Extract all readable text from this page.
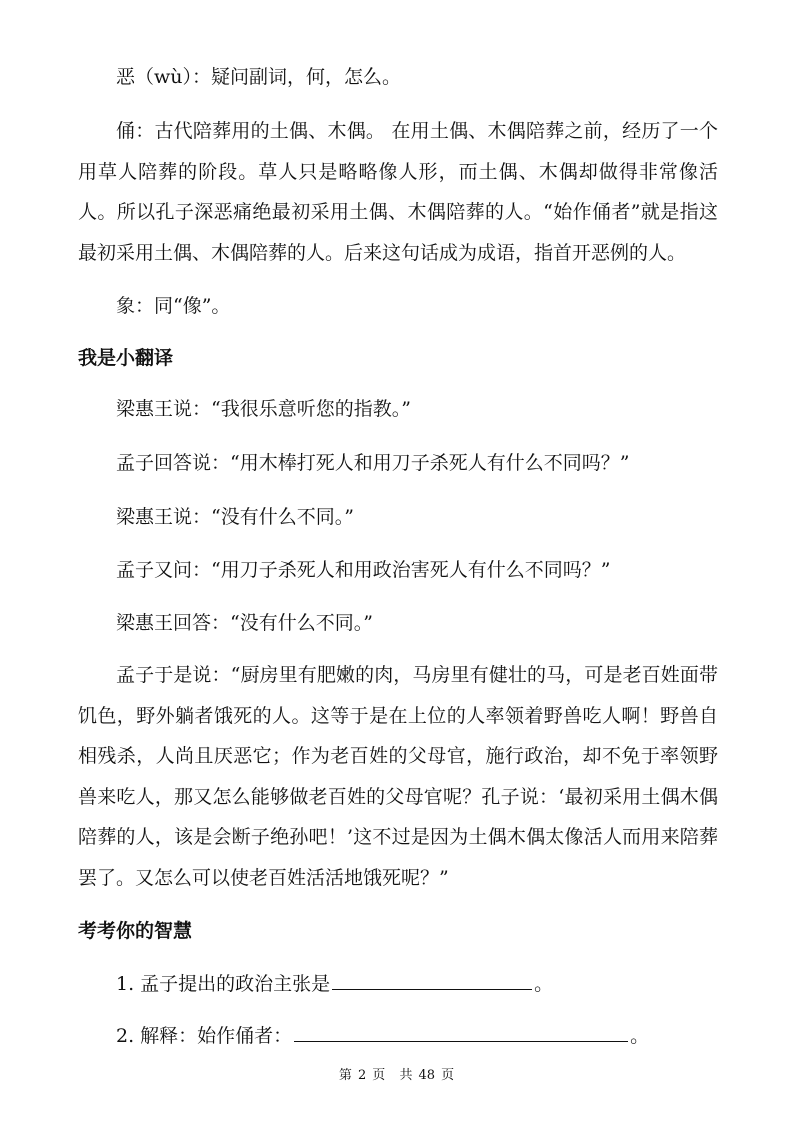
恶（wù）：疑问副词，何，怎么。

俑：古代陪葬用的土偶、木偶。 在用土偶、木偶陪葬之前，经历了一个用草人陪葬的阶段。草人只是略略像人形，而土偶、木偶却做得非常像活人。所以孔子深恶痛绝最初采用土偶、木偶陪葬的人。“始作俑者”就是指这最初采用土偶、木偶陪葬的人。后来这句话成为成语，指首开恶例的人。

象：同“像”。

我是小翻译

梁惠王说：“我很乐意听您的指教。”

孟子回答说：“用木棒打死人和用刀子杀死人有什么不同吗？”

梁惠王说：“没有什么不同。”

孟子又问：“用刀子杀死人和用政治害死人有什么不同吗？”

梁惠王回答：“没有什么不同。”

孟子于是说：“厨房里有肥嫩的肉，马房里有健壮的马，可是老百姓面带饥色，野外躺者饿死的人。这等于是在上位的人率领着野兽吃人啊！野兽自相残杀，人尚且厌恶它；作为老百姓的父母官，施行政治，却不免于率领野兽来吃人，那又怎么能够做老百姓的父母官呢？孔子说：‘最初采用土偶木偶陪葬的人，该是会断子绝孙吧！’这不过是因为土偶木偶太像活人而用来陪葬罢了。又怎么可以使老百姓活活地饿死呢？”

考考你的智慧

1. 孟子提出的政治主张是	。

2. 解释：始作俑者：	。

第 2 页 共 48 页
